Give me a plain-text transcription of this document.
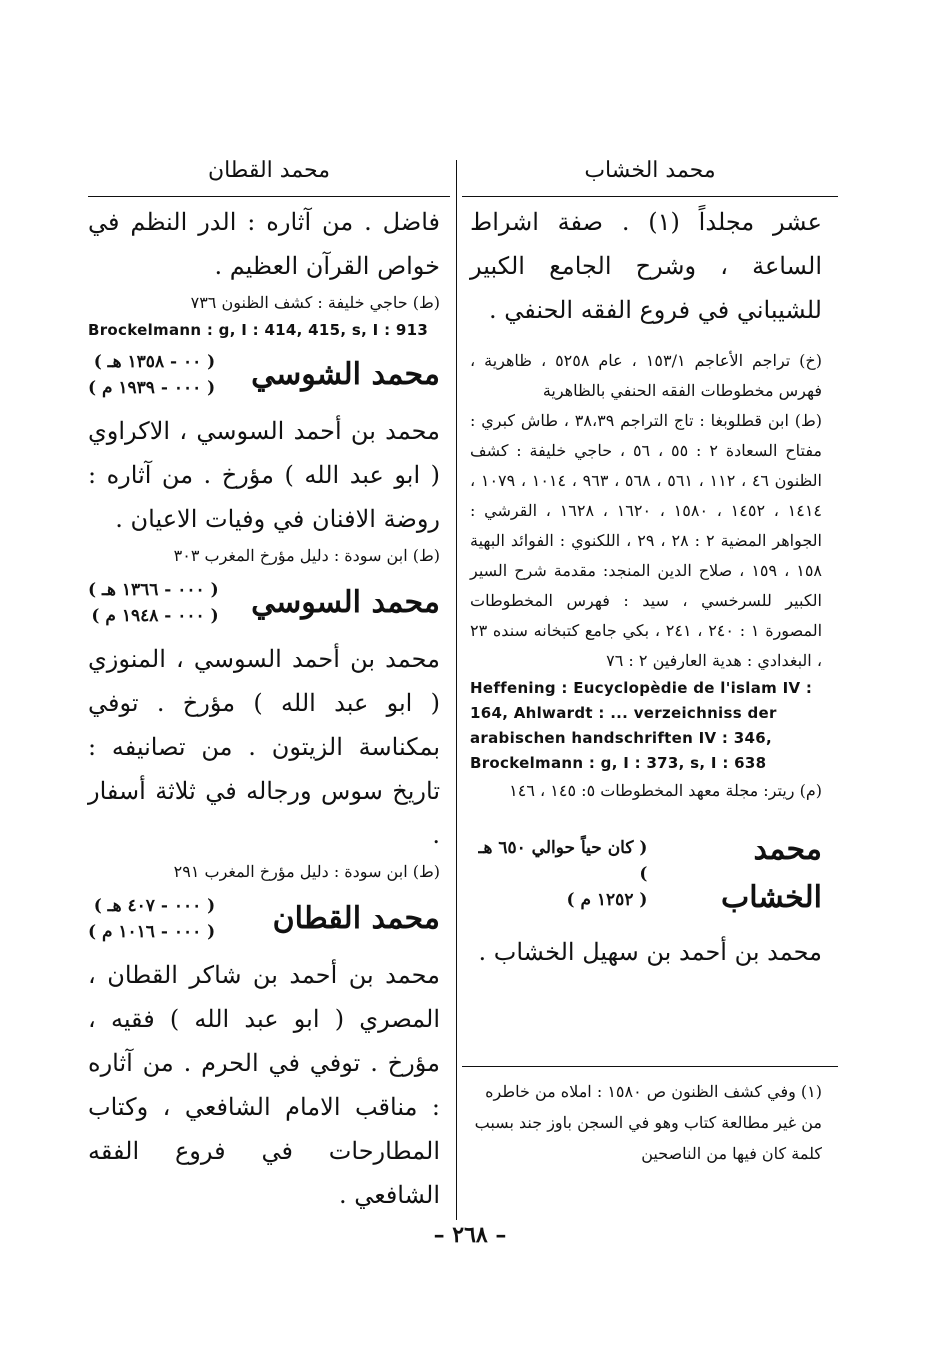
محمد الخشاب
محمد القطان

عشر مجلداً (١) . صفة اشراط الساعة ، وشرح الجامع الكبير للشيباني في فروع الفقه الحنفي .

(خ) تراجم الأعاجم ١٥٣/١ ، عام ٥٢٥٨ ، ظاهرية ، فهرس مخطوطات الفقه الحنفي بالظاهرية

(ط) ابن قطلوبغا : تاج التراجم ٣٨،٣٩ ، طاش كبري : مفتاح السعادة ٢ : ٥٥ ، ٥٦ ، حاجي خليفة : كشف الظنون ٤٦ ، ١١٢ ، ٥٦١ ، ٥٦٨ ، ٩٦٣ ، ١٠١٤ ، ١٠٧٩ ، ١٤١٤ ، ١٤٥٢ ، ١٥٨٠ ، ١٦٢٠ ، ١٦٢٨ ، القرشي : الجواهر المضية ٢ : ٢٨ ، ٢٩ ، اللكنوي : الفوائد البهية ١٥٨ ، ١٥٩ ، صلاح الدين المنجد: مقدمة شرح السير الكبير للسرخسي ، سيد : فهرس المخطوطات المصورة ١ : ٢٤٠ ، ٢٤١ ، بكي جامع كتبخانه سنده ٢٣ ، البغدادي : هدية العارفين ٢ : ٧٦

Heffening : Eucyclopèdie de l'islam IV : 164, Ahlwardt : ... verzeichniss der arabischen handschriften IV : 346, Brockelmann : g, I : 373, s, I : 638

(م) ريتر: مجلة معهد المخطوطات ٥: ١٤٥ ، ١٤٦

محمد الخشاب
( كان حياً حوالي ٦٥٠ هـ )
( ١٢٥٢ م )

محمد بن أحمد بن سهيل الخشاب .

(١) وفي كشف الظنون ص ١٥٨٠ : املاه من خاطره من غير مطالعة كتاب وهو في السجن باوز جند بسبب كلمة كان فيها من الناصحين

فاضل . من آثاره : الدر النظم في خواص القرآن العظيم .

(ط) حاجي خليفة : كشف الظنون ٧٣٦

Brockelmann : g, I : 414, 415, s, I : 913

محمد الشوسي
( ٠٠ - ١٣٥٨ هـ )
( ٠٠٠ - ١٩٣٩ م )

محمد بن أحمد السوسي ، الاكراوي ( ابو عبد الله ) مؤرخ . من آثاره : روضة الافنان في وفيات الاعيان .

(ط) ابن سودة : دليل مؤرخ المغرب ٣٠٣

محمد السوسي
( ٠٠٠ - ١٣٦٦ هـ )
( ٠٠٠ - ١٩٤٨ م )

محمد بن أحمد السوسي ، المنوزي ( ابو عبد الله ) مؤرخ . توفي بمكناسة الزيتون . من تصانيفه : تاريخ سوس ورجاله في ثلاثة أسفار .

(ط) ابن سودة : دليل مؤرخ المغرب ٢٩١

محمد القطان
( ٠٠٠ - ٤٠٧ هـ )
( ٠٠٠ - ١٠١٦ م )

محمد بن أحمد بن شاكر القطان ، المصري ( ابو عبد الله ) فقيه ، مؤرخ . توفي في الحرم . من آثاره : مناقب الامام الشافعي ، وكتاب المطارحات في فروع الفقه الشافعي .

– ٢٦٨ –
